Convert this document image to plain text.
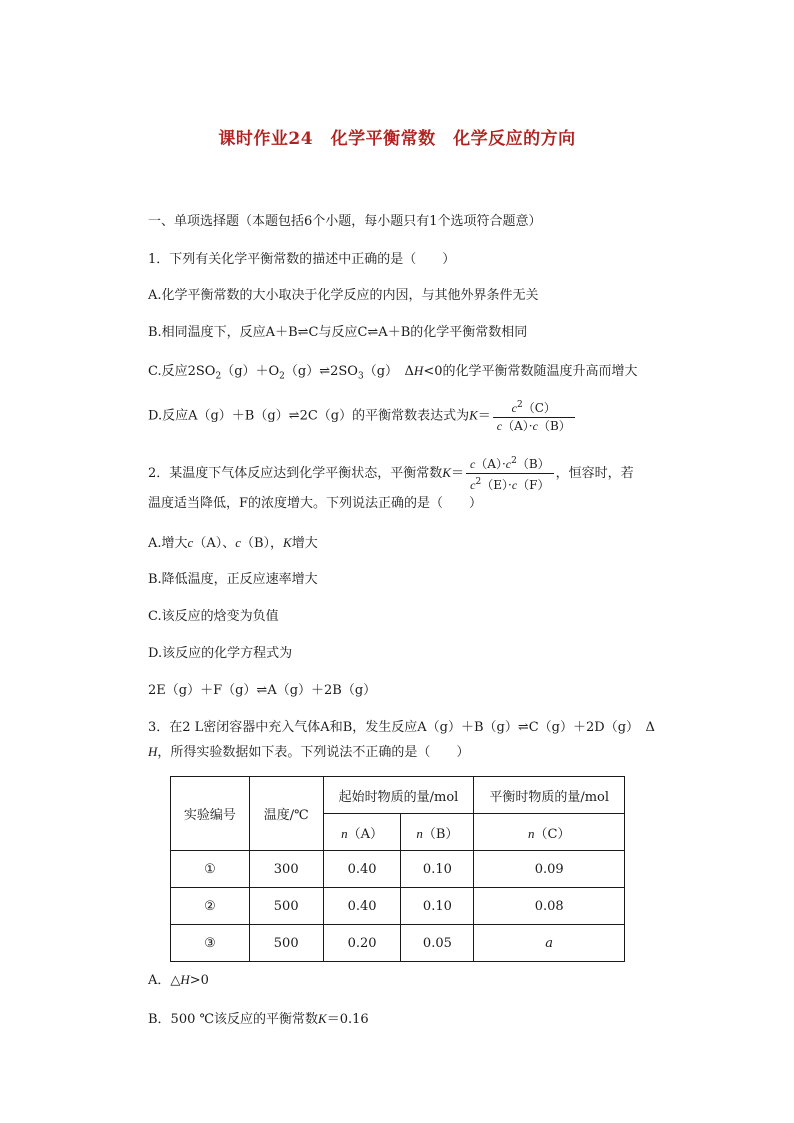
课时作业24　化学平衡常数　化学反应的方向
一、单项选择题（本题包括6个小题，每小题只有1个选项符合题意）
1．下列有关化学平衡常数的描述中正确的是（　　）
A.化学平衡常数的大小取决于化学反应的内因，与其他外界条件无关
B.相同温度下，反应A＋B⇌C与反应C⇌A＋B的化学平衡常数相同
C.反应$2SO_2(g)+O_2(g)\rightleftharpoons 2SO_3(g)$　ΔH<0的化学平衡常数随温度升高而增大
D.反应A（g）＋B（g）⇌2C（g）的平衡常数表达式为$K= \frac{c^2(C)}{c(A)\cdot c(B)}$
2．某温度下气体反应达到化学平衡状态，平衡常数$K= \frac{c(A)\cdot c^2(B)}{c^2(E)\cdot c(F)}$ ，恒容时，若
温度适当降低，F的浓度增大。下列说法正确的是（　　）
A.增大c（A）、c（B），K增大
B.降低温度，正反应速率增大
C.该反应的焓变为负值
D.该反应的化学方程式为
2E（g）＋F（g）⇌A（g）＋2B（g）
3．在2 L密闭容器中充入气体A和B，发生反应A（g）＋B（g）⇌C（g）＋2D（g）　Δ
H，所得实验数据如下表。下列说法不正确的是（　　）
实验编号	温度/℃	起始时物质的量/mol		平衡时物质的量/mol
		n（A）	n（B）	n（C）
①	300	0.40	0.10	0.09
②	500	0.40	0.10	0.08
③	500	0.20	0.05	a
A．△H>0
B．500 ℃该反应的平衡常数K＝0.16
